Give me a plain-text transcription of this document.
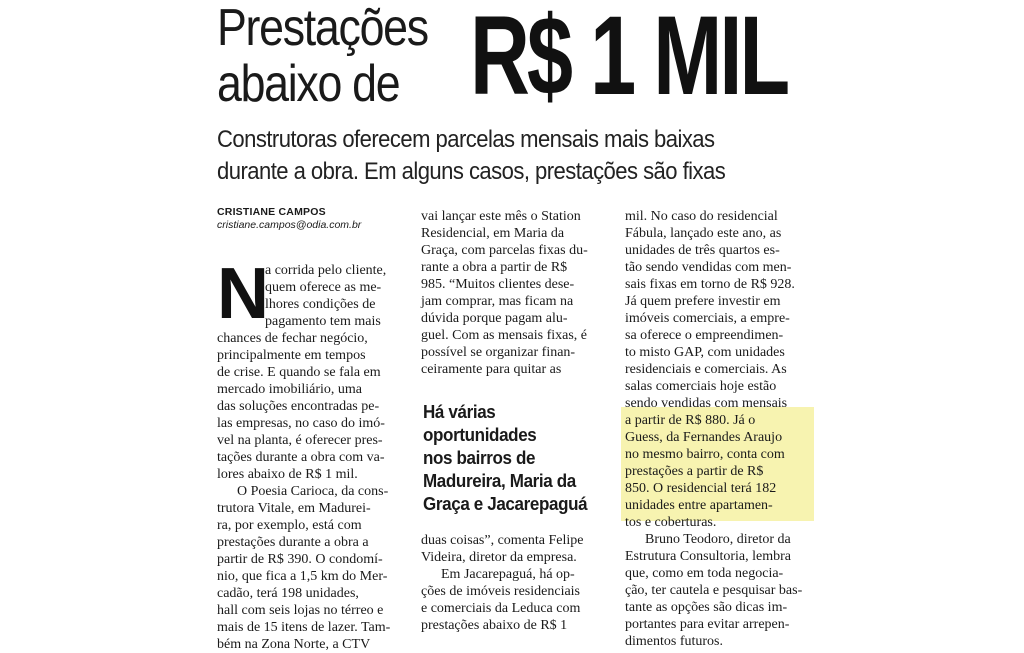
Prestações
abaixo de R$ 1 MIL
Construtoras oferecem parcelas mensais mais baixas
durante a obra. Em alguns casos, prestações são fixas
CRISTIANE CAMPOS
cristiane.campos@odia.com.br
N
a corrida pelo cliente,
quem oferece as me-
lhores condições de
pagamento tem mais
chances de fechar negócio,
principalmente em tempos
de crise. E quando se fala em
mercado imobiliário, uma
das soluções encontradas pe-
las empresas, no caso do imó-
vel na planta, é oferecer pres-
tações durante a obra com va-
lores abaixo de R$ 1 mil.
O Poesia Carioca, da cons-
trutora Vitale, em Madurei-
ra, por exemplo, está com
prestações durante a obra a
partir de R$ 390. O condomí-
nio, que fica a 1,5 km do Mer-
cadão, terá 198 unidades,
hall com seis lojas no térreo e
mais de 15 itens de lazer. Tam-
bém na Zona Norte, a CTV
vai lançar este mês o Station
Residencial, em Maria da
Graça, com parcelas fixas du-
rante a obra a partir de R$
985. “Muitos clientes dese-
jam comprar, mas ficam na
dúvida porque pagam alu-
guel. Com as mensais fixas, é
possível se organizar finan-
ceiramente para quitar as
duas coisas”, comenta Felipe
Videira, diretor da empresa.
Em Jacarepaguá, há op-
ções de imóveis residenciais
e comerciais da Leduca com
prestações abaixo de R$ 1
mil. No caso do residencial
Fábula, lançado este ano, as
unidades de três quartos es-
tão sendo vendidas com men-
sais fixas em torno de R$ 928.
Já quem prefere investir em
imóveis comerciais, a empre-
sa oferece o empreendimen-
to misto GAP, com unidades
residenciais e comerciais. As
salas comerciais hoje estão
sendo vendidas com mensais
a partir de R$ 880. Já o
Guess, da Fernandes Araujo
no mesmo bairro, conta com
prestações a partir de R$
850. O residencial terá 182
unidades entre apartamen-
tos e coberturas.
Bruno Teodoro, diretor da
Estrutura Consultoria, lembra
que, como em toda negocia-
ção, ter cautela e pesquisar bas-
tante as opções são dicas im-
portantes para evitar arrepen-
dimentos futuros.
Há várias
oportunidades
nos bairros de
Madureira, Maria da
Graça e Jacarepaguá
